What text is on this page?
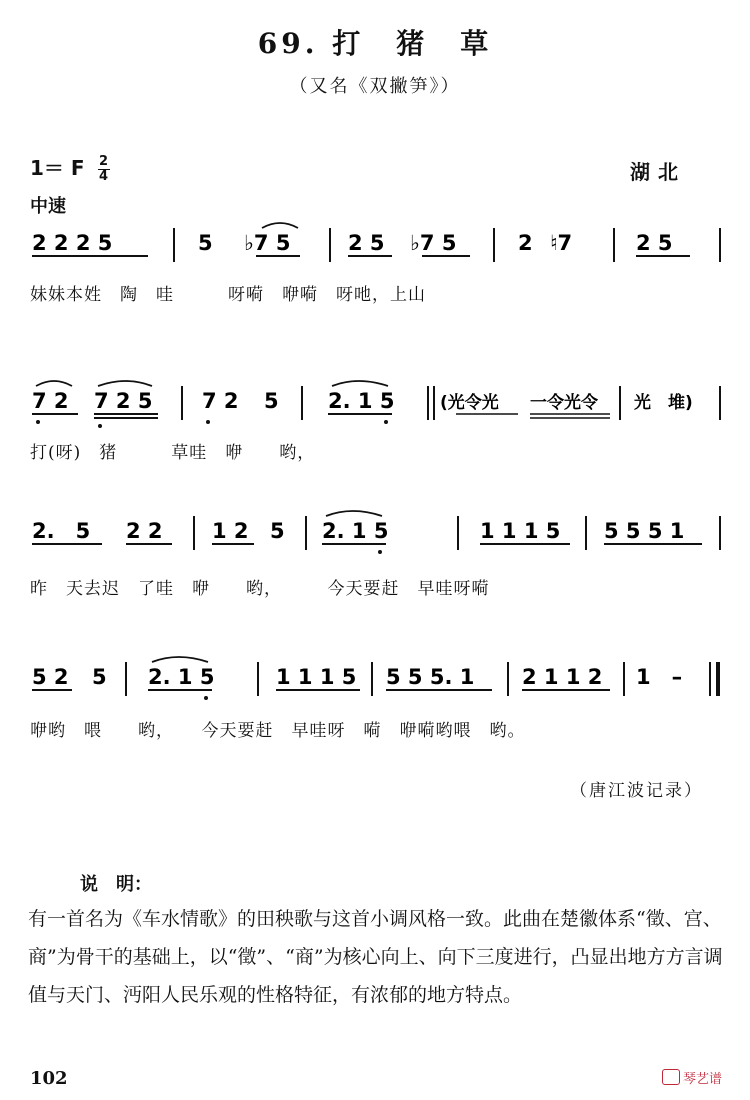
69. 打　猪　草
（又名《双撇笋》）
1＝ F $\frac{2}{4}$	湖北
中速
2 2 2 5	5 ♭7 5	2 5 ♭7 5	2 ♮7	2 5
妹妹本姓　陶　哇　　　呀嗬　咿嗬　呀吔，上山
7 2 7 2 5 7 2 5 2. 1 5	(光令光 一令光令 光　堆)
打(呀)　猪　　　草哇　咿　　哟，
2.　5 2 2 1 2 5 2. 1 5	1 1 1 5 5 5 5 1
昨　天去迟　了哇　咿　　哟，　　　今天要赶　早哇呀嗬
5 2 5 2. 1 5	1 1 1 5 5 5 5. 1 2 1 1 2 1　–
咿哟　喂　　哟，　　今天要赶　早哇呀　嗬　咿嗬哟喂　哟。
（唐江波记录）
说　明：
有一首名为《车水情歌》的田秧歌与这首小调风格一致。此曲在楚徽体系“徵、宫、商”为骨干的基础上，以“徵”、“商”为核心向上、向下三度进行，凸显出地方方言调值与天门、沔阳人民乐观的性格特征，有浓郁的地方特点。
102	琴艺谱
